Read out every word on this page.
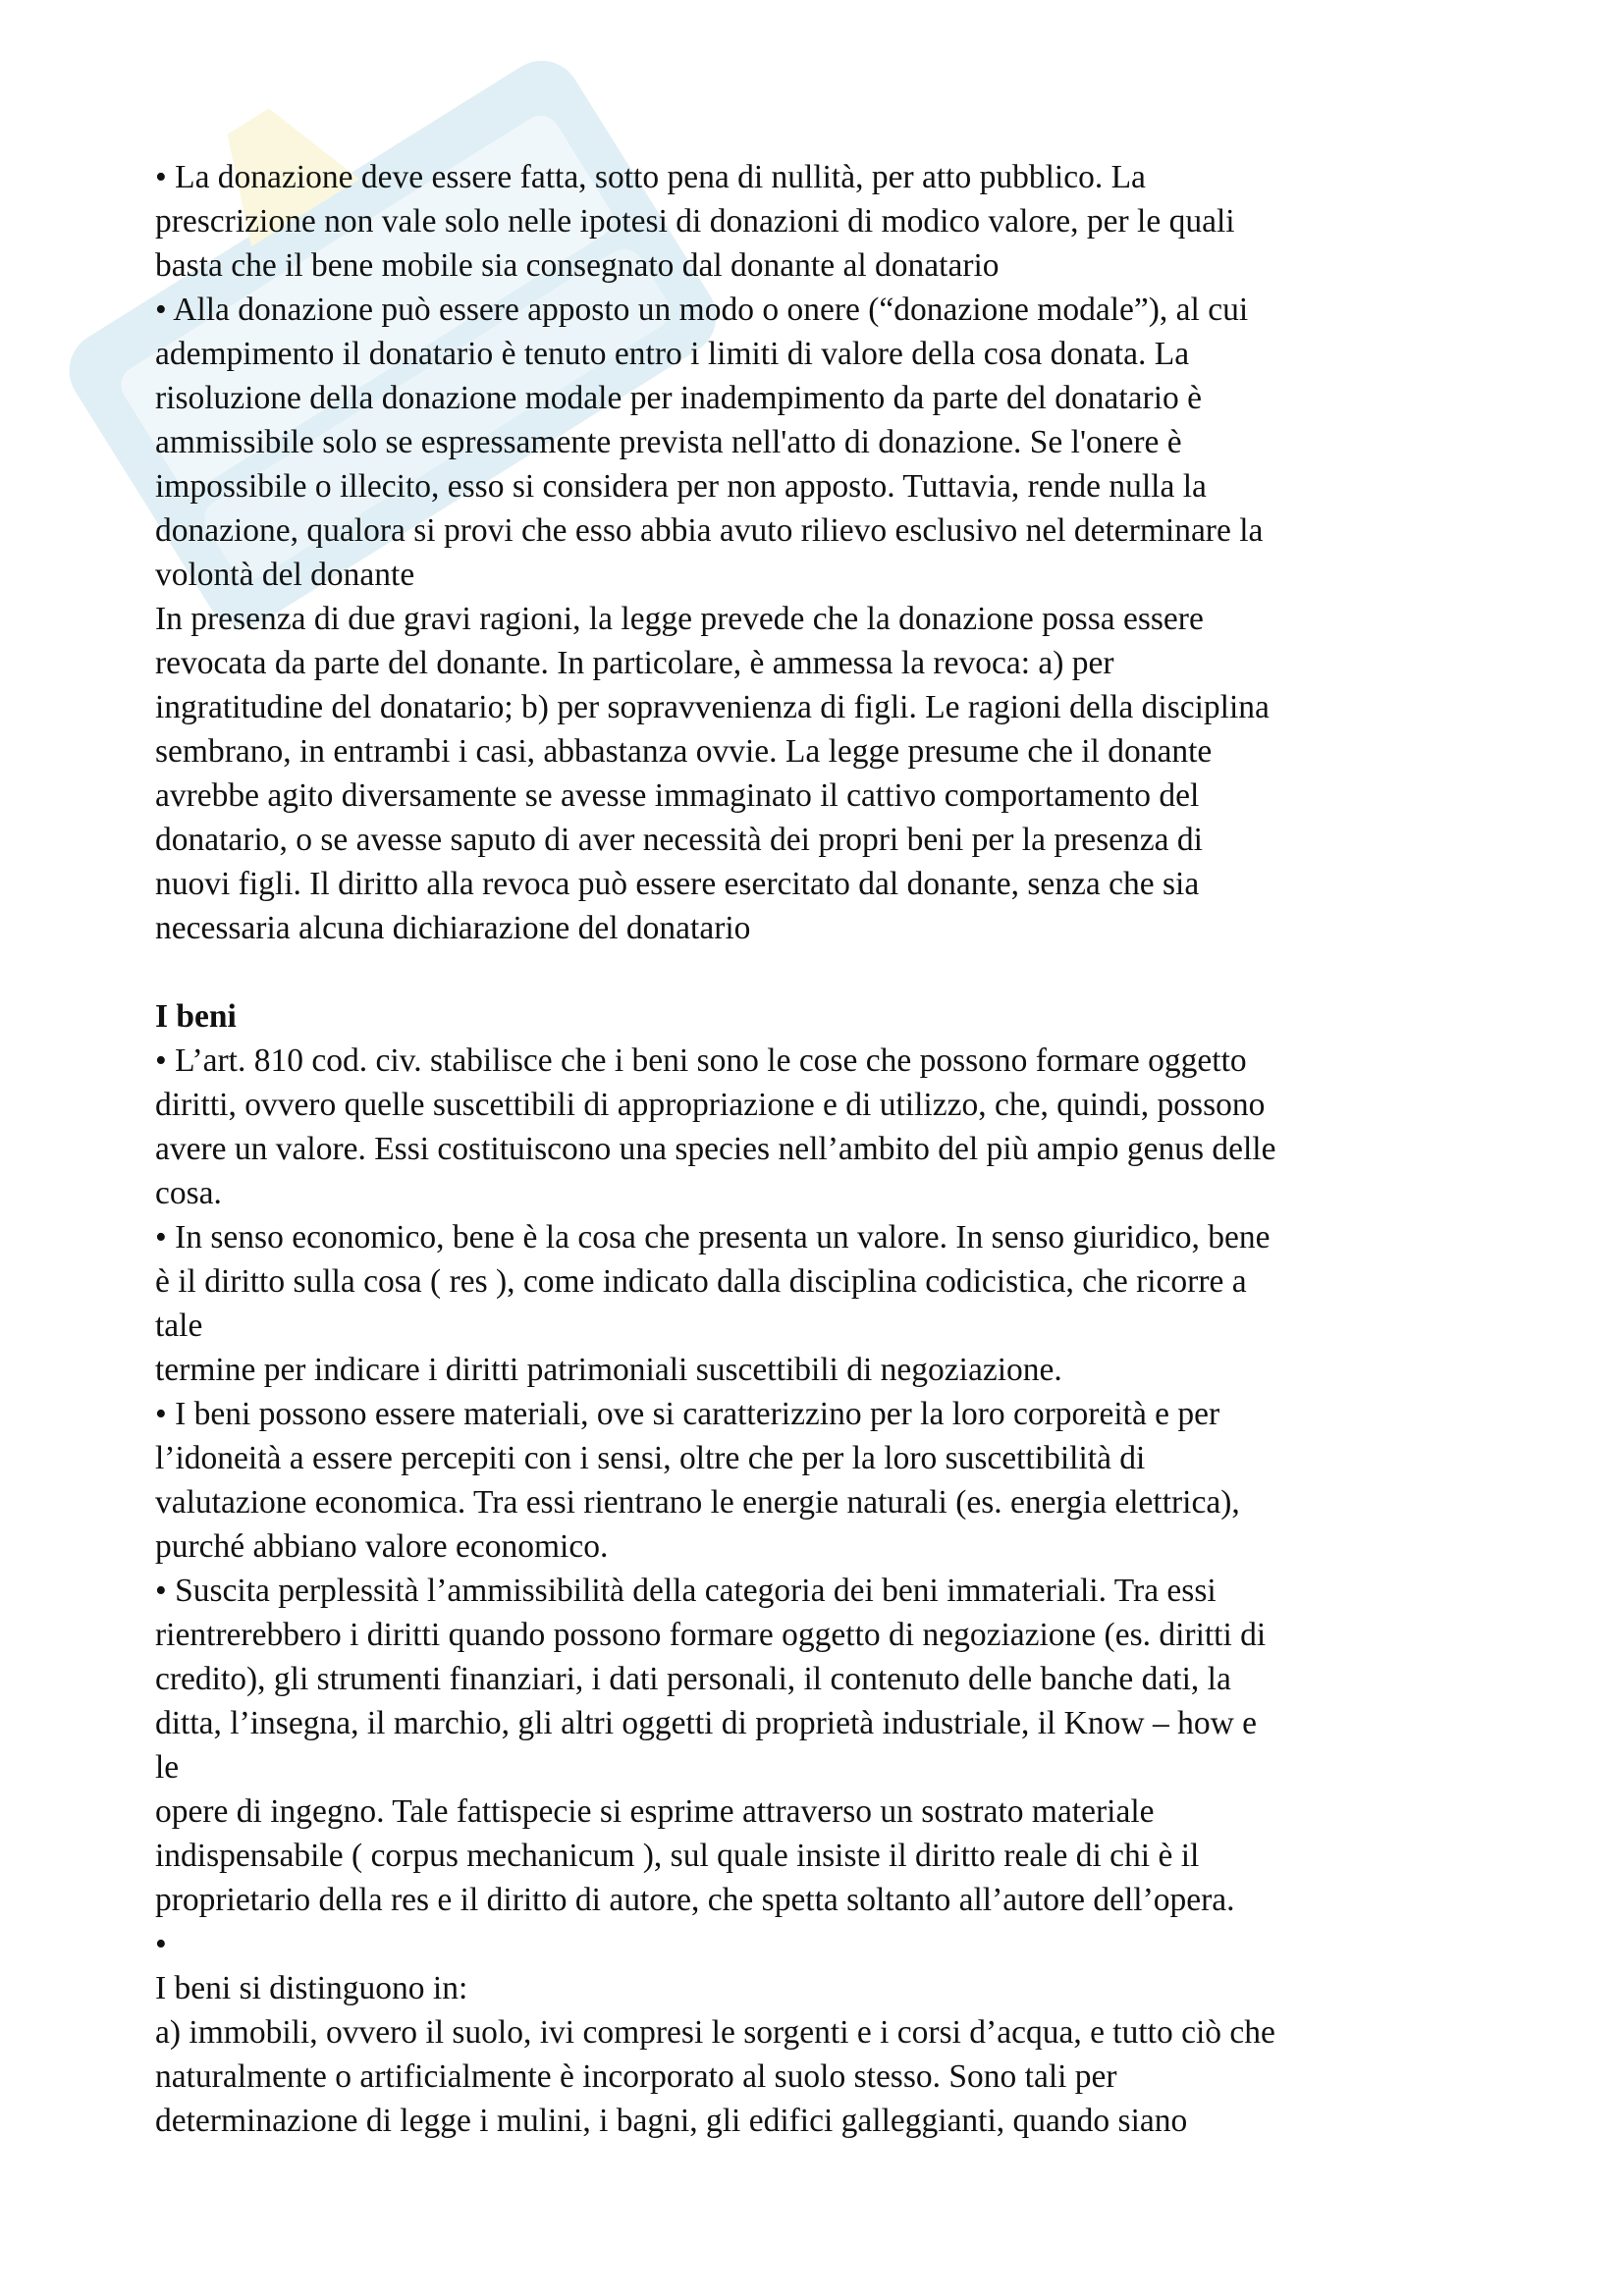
• La donazione deve essere fatta, sotto pena di nullità, per atto pubblico. La
prescrizione non vale solo nelle ipotesi di donazioni di modico valore, per le quali
basta che il bene mobile sia consegnato dal donante al donatario
• Alla donazione può essere apposto un modo o onere (“donazione modale”), al cui
adempimento il donatario è tenuto entro i limiti di valore della cosa donata. La
risoluzione della donazione modale per inadempimento da parte del donatario è
ammissibile solo se espressamente prevista nell'atto di donazione. Se l'onere è
impossibile o illecito, esso si considera per non apposto. Tuttavia, rende nulla la
donazione, qualora si provi che esso abbia avuto rilievo esclusivo nel determinare la
volontà del donante
In presenza di due gravi ragioni, la legge prevede che la donazione possa essere
revocata da parte del donante. In particolare, è ammessa la revoca: a) per
ingratitudine del donatario; b) per sopravvenienza di figli. Le ragioni della disciplina
sembrano, in entrambi i casi, abbastanza ovvie. La legge presume che il donante
avrebbe agito diversamente se avesse immaginato il cattivo comportamento del
donatario, o se avesse saputo di aver necessità dei propri beni per la presenza di
nuovi figli. Il diritto alla revoca può essere esercitato dal donante, senza che sia
necessaria alcuna dichiarazione del donatario
I beni
• L’art. 810 cod. civ. stabilisce che i beni sono le cose che possono formare oggetto
diritti, ovvero quelle suscettibili di appropriazione e di utilizzo, che, quindi, possono
avere un valore. Essi costituiscono una species nell’ambito del più ampio genus delle
cosa.
• In senso economico, bene è la cosa che presenta un valore. In senso giuridico, bene
è il diritto sulla cosa ( res ), come indicato dalla disciplina codicistica, che ricorre a
tale
termine per indicare i diritti patrimoniali suscettibili di negoziazione.
• I beni possono essere materiali, ove si caratterizzino per la loro corporeità e per
l’idoneità a essere percepiti con i sensi, oltre che per la loro suscettibilità di
valutazione economica. Tra essi rientrano le energie naturali (es. energia elettrica),
purché abbiano valore economico.
• Suscita perplessità l’ammissibilità della categoria dei beni immateriali. Tra essi
rientrerebbero i diritti quando possono formare oggetto di negoziazione (es. diritti di
credito), gli strumenti finanziari, i dati personali, il contenuto delle banche dati, la
ditta, l’insegna, il marchio, gli altri oggetti di proprietà industriale, il Know – how e
le
opere di ingegno. Tale fattispecie si esprime attraverso un sostrato materiale
indispensabile ( corpus mechanicum ), sul quale insiste il diritto reale di chi è il
proprietario della res e il diritto di autore, che spetta soltanto all’autore dell’opera.
•
I beni si distinguono in:
a) immobili, ovvero il suolo, ivi compresi le sorgenti e i corsi d’acqua, e tutto ciò che
naturalmente o artificialmente è incorporato al suolo stesso. Sono tali per
determinazione di legge i mulini, i bagni, gli edifici galleggianti, quando siano
